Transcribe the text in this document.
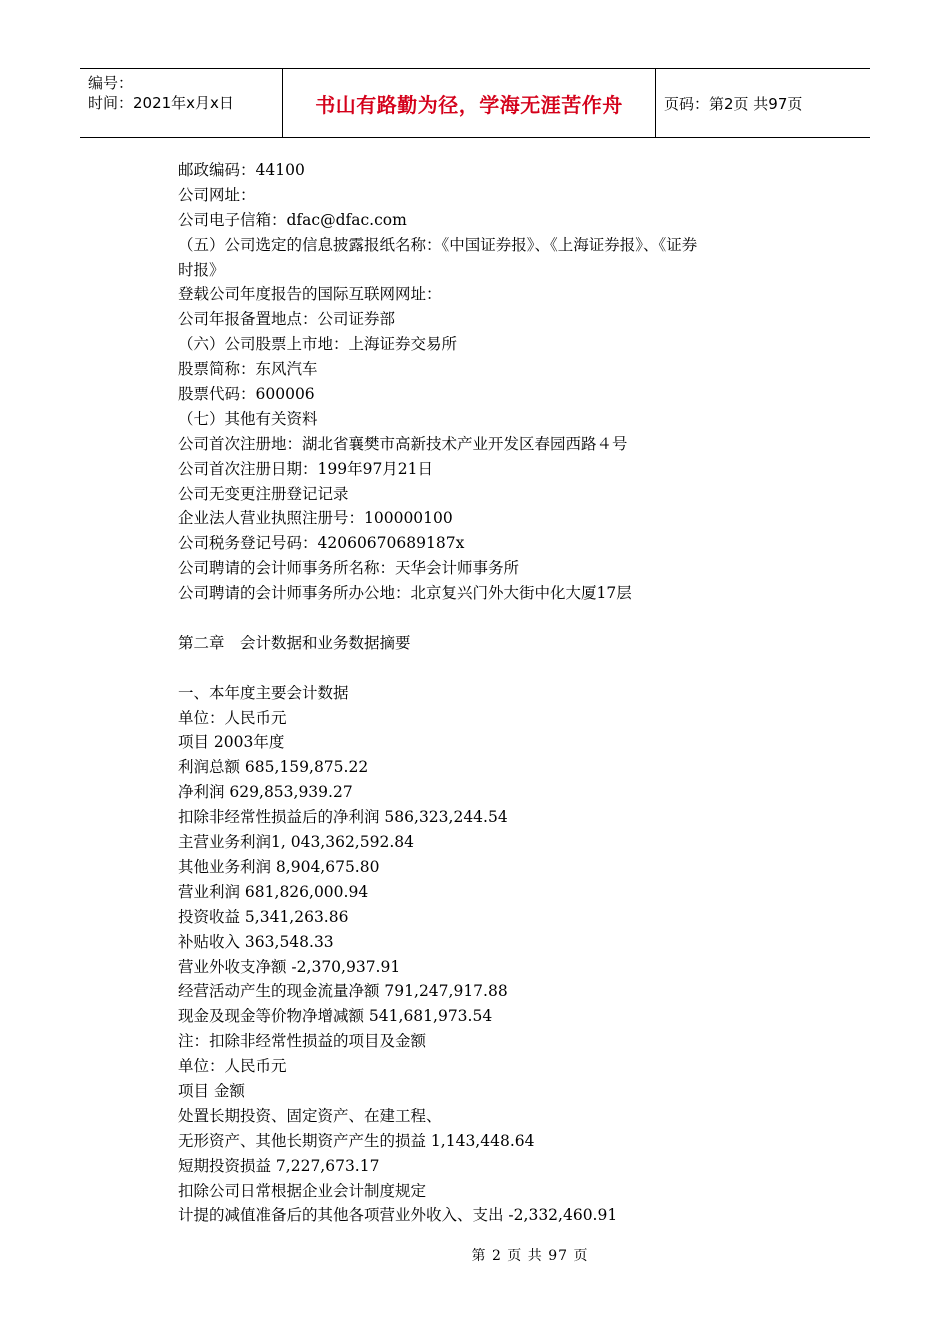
编号：
时间：2021年x月x日	书山有路勤为径，学海无涯苦作舟	页码：第2页 共97页
邮政编码：44100
公司网址：
公司电子信箱：dfac@dfac.com
（五）公司选定的信息披露报纸名称：《中国证券报》、《上海证券报》、《证券
时报》
登载公司年度报告的国际互联网网址：
公司年报备置地点：公司证券部
（六）公司股票上市地：上海证券交易所
股票简称：东风汽车
股票代码：600006
（七）其他有关资料
公司首次注册地：湖北省襄樊市高新技术产业开发区春园西路４号
公司首次注册日期：199年97月21日
公司无变更注册登记记录
企业法人营业执照注册号：100000100
公司税务登记号码：42060670689187x
公司聘请的会计师事务所名称：天华会计师事务所
公司聘请的会计师事务所办公地：北京复兴门外大街中化大厦17层
第二章　会计数据和业务数据摘要
一、本年度主要会计数据
单位：人民币元
项目 2003年度
利润总额 685,159,875.22
净利润 629,853,939.27
扣除非经常性损益后的净利润 586,323,244.54
主营业务利润1, 043,362,592.84
其他业务利润 8,904,675.80
营业利润 681,826,000.94
投资收益 5,341,263.86
补贴收入 363,548.33
营业外收支净额 -2,370,937.91
经营活动产生的现金流量净额 791,247,917.88
现金及现金等价物净增减额 541,681,973.54
注：扣除非经常性损益的项目及金额
单位：人民币元
项目 金额
处置长期投资、固定资产、在建工程、
无形资产、其他长期资产产生的损益 1,143,448.64
短期投资损益 7,227,673.17
扣除公司日常根据企业会计制度规定
计提的减值准备后的其他各项营业外收入、支出 -2,332,460.91
第 2 页 共 97 页
